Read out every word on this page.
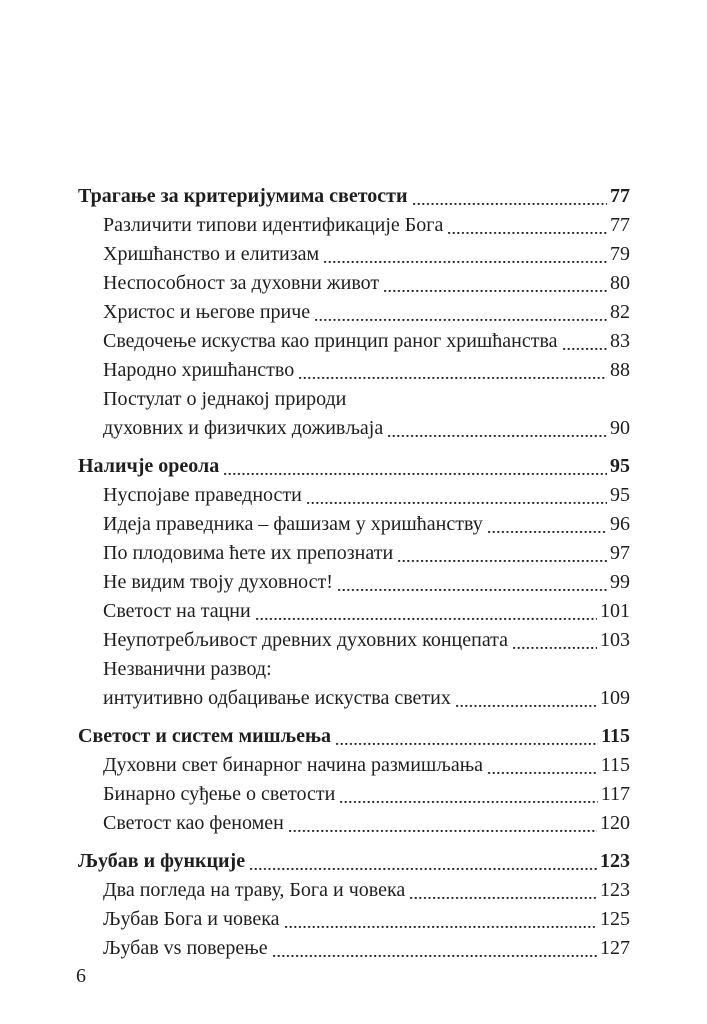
Трагање за критеријумима светости	77
Различити типови идентификације Бога	77
Хришћанство и елитизам	79
Неспособност за духовни живот	80
Христос и његове приче	82
Сведочење искуства као принцип раног хришћанства	83
Народно хришћанство	88
Постулат о једнакој природи
духовних и физичких доживљаја	90
Наличје ореола	95
Нуспојаве праведности	95
Идеја праведника – фашизам у хришћанству	96
По плодовима ћете их препознати	97
Не видим твоју духовност!	99
Светост на тацни	101
Неупотребљивост древних духовних концепата	103
Незванични развод:
интуитивно одбацивање искуства светих	109
Светост и систем мишљења	115
Духовни свет бинарног начина размишљања	115
Бинарно суђење о светости	117
Светост као феномен	120
Љубав и функције	123
Два погледа на траву, Бога и човека	123
Љубав Бога и човека	125
Љубав vs поверење	127
6
